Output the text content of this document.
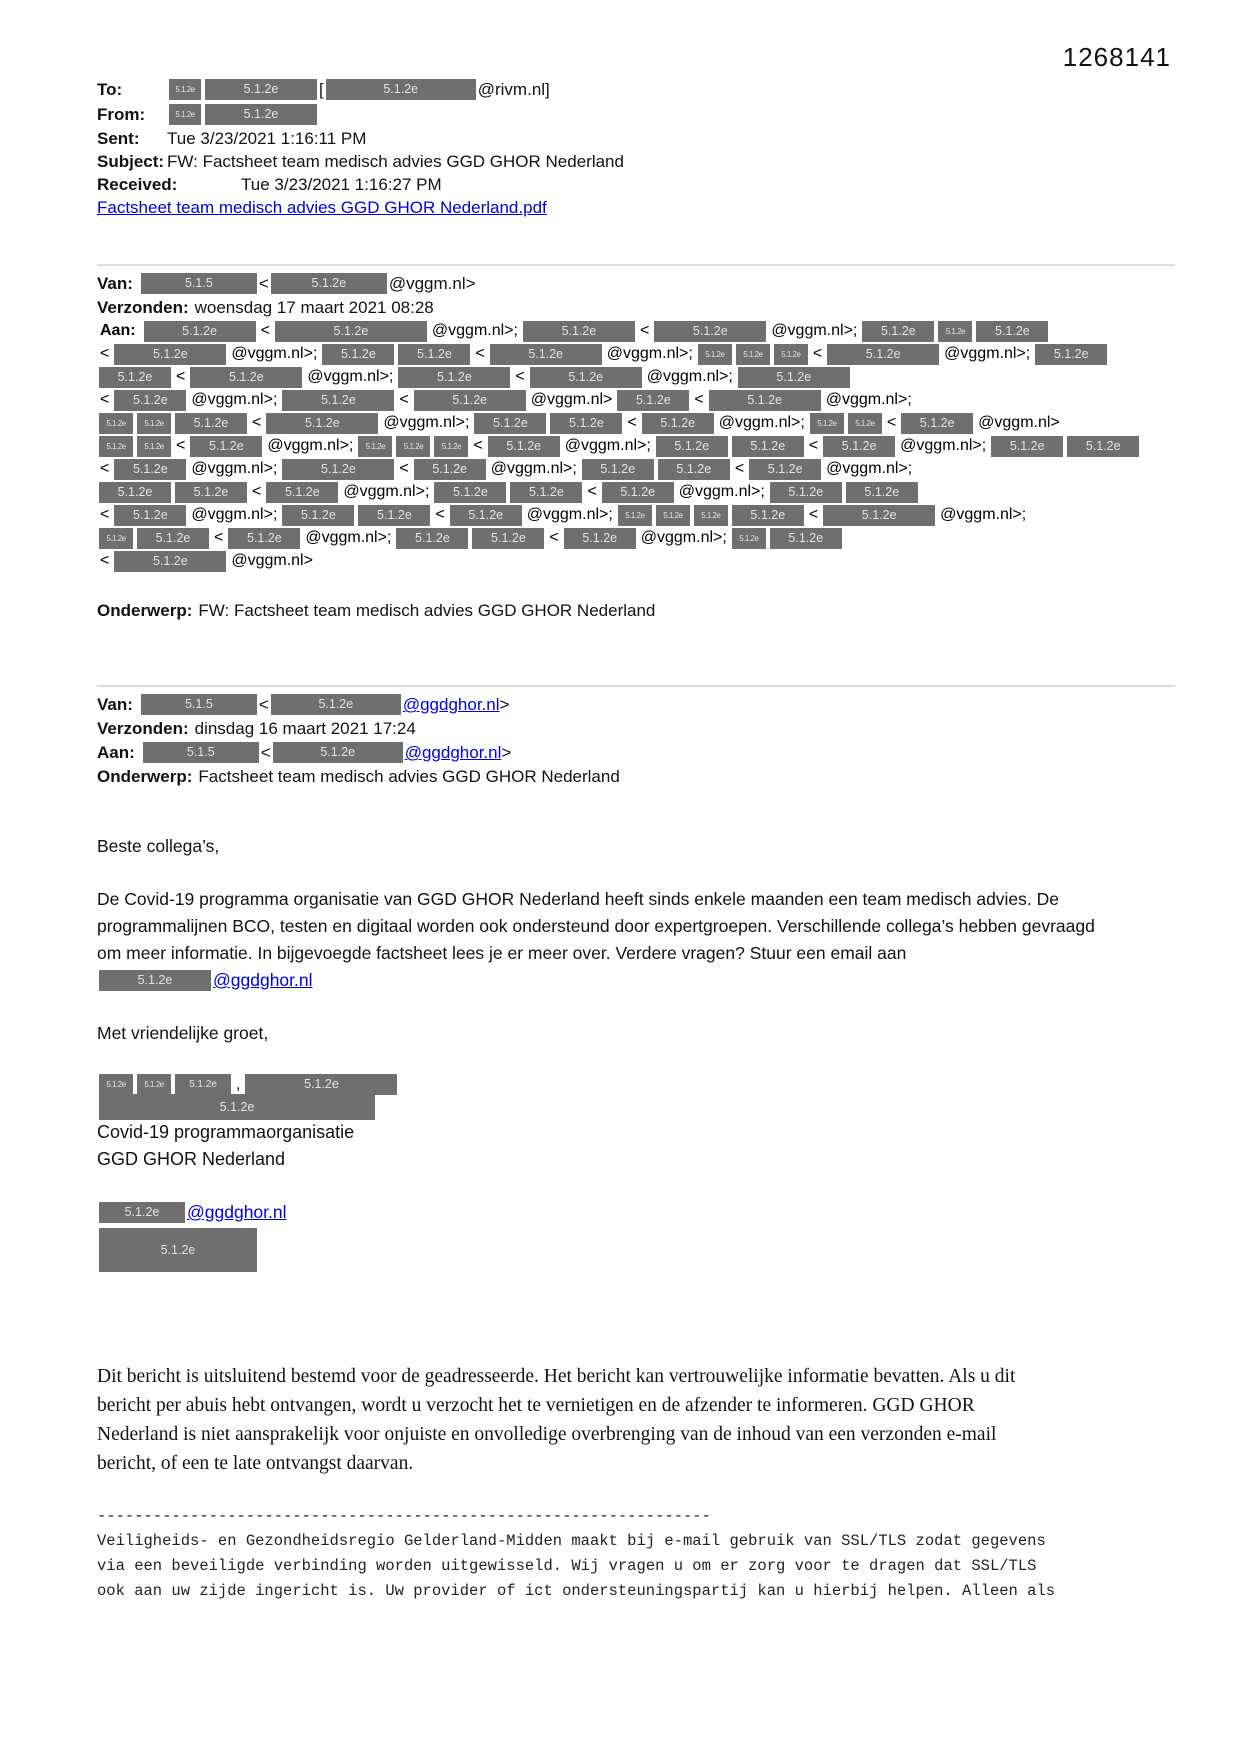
1268141
To:	5.1.2e	5.1.2e	[	5.1.2e	@rivm.nl]
From:	5.1.2e	5.1.2e
Sent:	Tue 3/23/2021 1:16:11 PM
Subject: FW: Factsheet team medisch advies GGD GHOR Nederland
Received:	Tue 3/23/2021 1:16:27 PM
Factsheet team medisch advies GGD GHOR Nederland.pdf
Van:	5.1.5	<	5.1.2e	@vggm.nl>
Verzonden: woensdag 17 maart 2021 08:28
Aan:	5.1.2e	<	5.1.2e	@vggm.nl>;	5.1.2e	<	5.1.2e	@vggm.nl>;	5.1.2e	5.1.2e	5.1.2e
<	5.1.2e	@vggm.nl>;	5.1.2e	5.1.2e	<	5.1.2e	@vggm.nl>;	5.1.2e	5.1.2e	5.1.2e <	5.1.2e	@vggm.nl>;	5.1.2e
5.1.2e	<	5.1.2e	@vggm.nl>;	5.1.2e	<	5.1.2e	@vggm.nl>;	5.1.2e
<	5.1.2e	@vggm.nl>;	5.1.2e	<	5.1.2e	@vggm.nl>	5.1.2e	<	5.1.2e	@vggm.nl>;
5.1.2e	5.1.2e	5.1.2e	<	5.1.2e	@vggm.nl>;	5.1.2e	5.1.2e	<	5.1.2e	@vggm.nl>;	5.1.2e	5.1.2e <	5.1.2e	@vggm.nl>
5.1.2e	5.1.2e <	5.1.2e	@vggm.nl>;	5.1.2e	5.1.2e	5.1.2e <	5.1.2e	@vggm.nl>;	5.1.2e	5.1.2e	<	5.1.2e	@vggm.nl>;	5.1.2e	5.1.2e
<	5.1.2e	@vggm.nl>;	5.1.2e	<	5.1.2e	@vggm.nl>;	5.1.2e	5.1.2e	<	5.1.2e	@vggm.nl>;
5.1.2e	5.1.2e	<	5.1.2e	@vggm.nl>;	5.1.2e	5.1.2e	<	5.1.2e	@vggm.nl>;	5.1.2e	5.1.2e
<	5.1.2e	@vggm.nl>;	5.1.2e	5.1.2e	<	5.1.2e	@vggm.nl>;	5.1.2e	5.1.2e	5.1.2e	5.1.2e	<	5.1.2e	@vggm.nl>;
5.1.2e	5.1.2e	<	5.1.2e	@vggm.nl>;	5.1.2e	5.1.2e	<	5.1.2e	@vggm.nl>;	5.1.2e	5.1.2e
<	5.1.2e	@vggm.nl>
Onderwerp: FW: Factsheet team medisch advies GGD GHOR Nederland
Van:	5.1.5	<	5.1.2e	@ggdghor.nl >
Verzonden: dinsdag 16 maart 2021 17:24
Aan:	5.1.5	<	5.1.2e	@ggdghor.nl >
Onderwerp: Factsheet team medisch advies GGD GHOR Nederland

Beste collega’s,

De Covid-19 programma organisatie van GGD GHOR Nederland heeft sinds enkele maanden een team medisch advies. De
programmalijnen BCO, testen en digitaal worden ook ondersteund door expertgroepen. Verschillende collega’s hebben gevraagd
om meer informatie. In bijgevoegde factsheet lees je er meer over. Verdere vragen? Stuur een email aan
5.1.2e	@ggdghor.nl

Met vriendelijke groet,

5.1.2e	5.1.2e	5.1.2e	,	5.1.2e
5.1.2e
Covid-19 programmaorganisatie
GGD GHOR Nederland
5.1.2e	@ggdghor.nl
5.1.2e
Dit bericht is uitsluitend bestemd voor de geadresseerde. Het bericht kan vertrouwelijke informatie bevatten. Als u dit
bericht per abuis hebt ontvangen, wordt u verzocht het te vernietigen en de afzender te informeren. GGD GHOR
Nederland is niet aansprakelijk voor onjuiste en onvolledige overbrenging van de inhoud van een verzonden e-mail
bericht, of een te late ontvangst daarvan.
------------------------------------------------------------------
Veiligheids- en Gezondheidsregio Gelderland-Midden maakt bij e-mail gebruik van SSL/TLS zodat gegevens
via een beveiligde verbinding worden uitgewisseld. Wij vragen u om er zorg voor te dragen dat SSL/TLS
ook aan uw zijde ingericht is. Uw provider of ict ondersteuningspartij kan u hierbij helpen. Alleen als
